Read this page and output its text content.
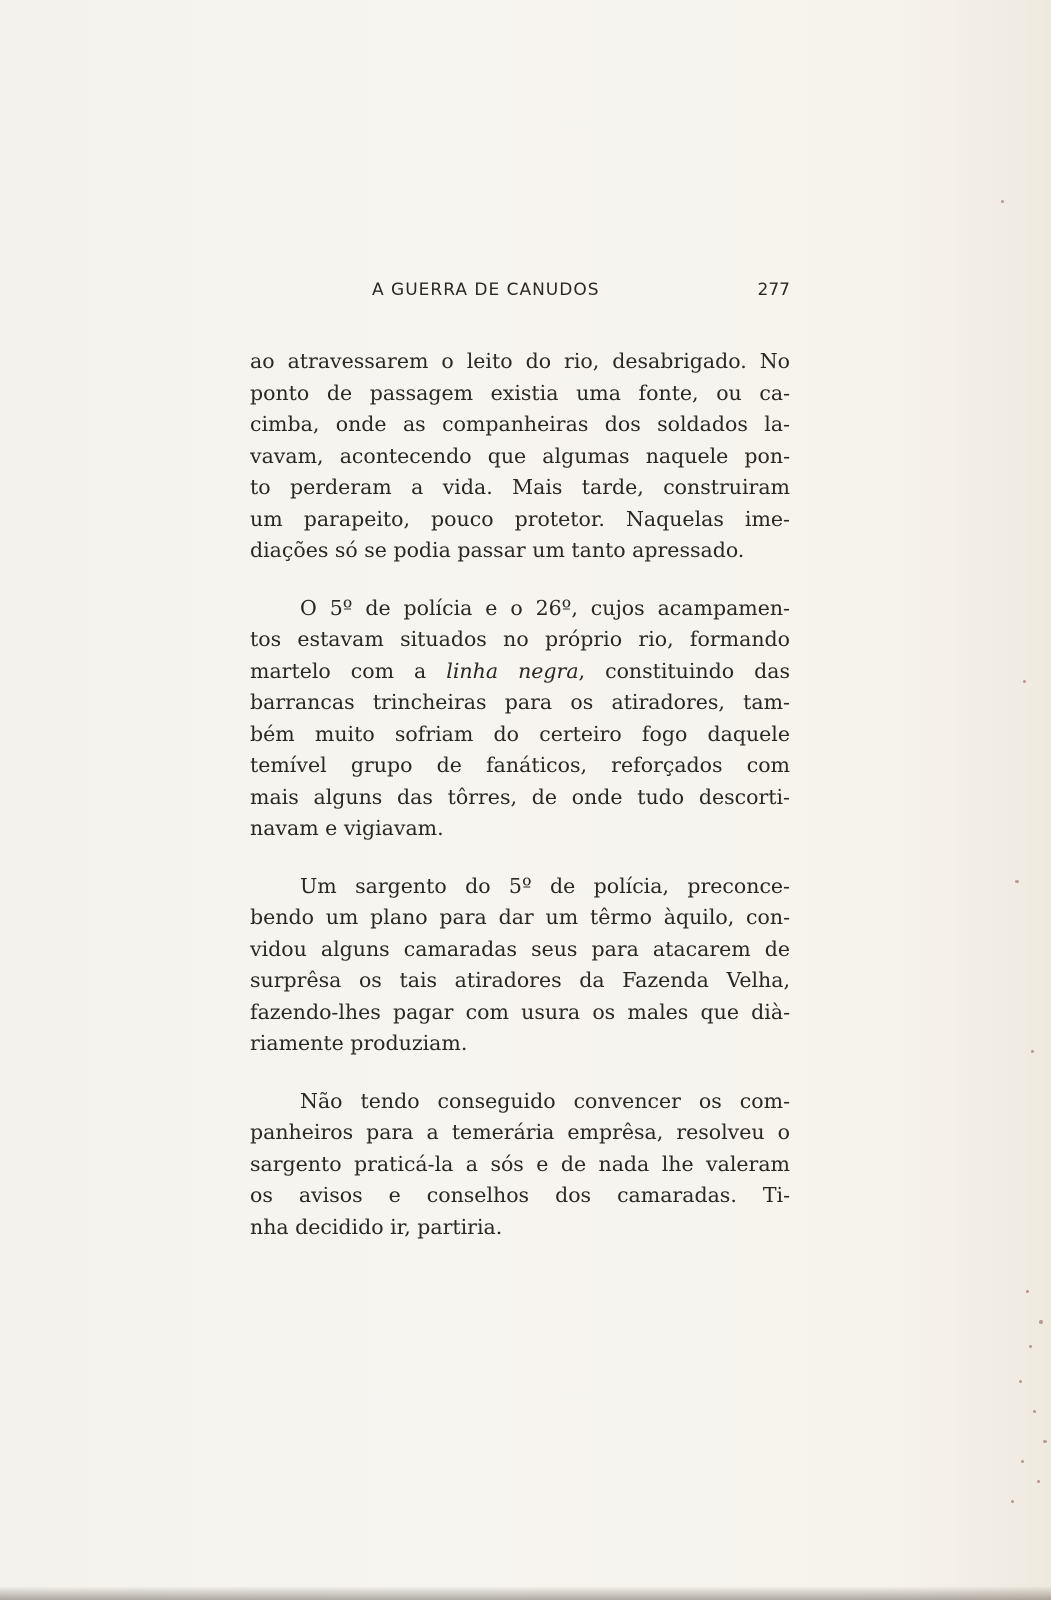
A GUERRA DE CANUDOS	277
ao atravessarem o leito do rio, desabrigado. No
ponto de passagem existia uma fonte, ou ca-
cimba, onde as companheiras dos soldados la-
vavam, acontecendo que algumas naquele pon-
to perderam a vida. Mais tarde, construiram
um parapeito, pouco protetor. Naquelas ime-
diações só se podia passar um tanto apressado.
O 5º de polícia e o 26º, cujos acampamen-
tos estavam situados no próprio rio, formando
martelo com a linha negra, constituindo das
barrancas trincheiras para os atiradores, tam-
bém muito sofriam do certeiro fogo daquele
temível grupo de fanáticos, reforçados com
mais alguns das tôrres, de onde tudo descorti-
navam e vigiavam.
Um sargento do 5º de polícia, preconce-
bendo um plano para dar um têrmo àquilo, con-
vidou alguns camaradas seus para atacarem de
surprêsa os tais atiradores da Fazenda Velha,
fazendo-lhes pagar com usura os males que dià-
riamente produziam.
Não tendo conseguido convencer os com-
panheiros para a temerária emprêsa, resolveu o
sargento praticá-la a sós e de nada lhe valeram
os avisos e conselhos dos camaradas. Ti-
nha decidido ir, partiria.
